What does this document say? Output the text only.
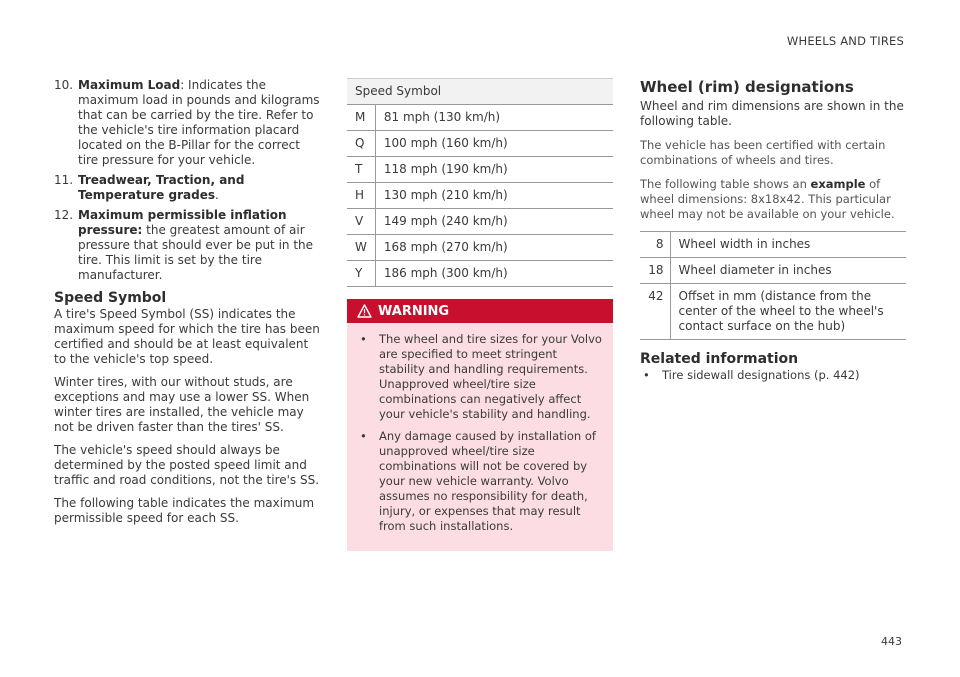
WHEELS AND TIRES
10. Maximum Load: Indicates the maximum load in pounds and kilograms that can be carried by the tire. Refer to the vehicle's tire information placard located on the B-Pillar for the correct tire pressure for your vehicle.
11. Treadwear, Traction, and Temperature grades.
12. Maximum permissible inflation pressure: the greatest amount of air pressure that should ever be put in the tire. This limit is set by the tire manufacturer.
Speed Symbol

A tire's Speed Symbol (SS) indicates the maximum speed for which the tire has been certified and should be at least equivalent to the vehicle's top speed.

Winter tires, with our without studs, are exceptions and may use a lower SS. When winter tires are installed, the vehicle may not be driven faster than the tires' SS.

The vehicle's speed should always be determined by the posted speed limit and traffic and road conditions, not the tire's SS.

The following table indicates the maximum permissible speed for each SS.

Speed Symbol	
M	81 mph (130 km/h)
Q	100 mph (160 km/h)
T	118 mph (190 km/h)
H	130 mph (210 km/h)
V	149 mph (240 km/h)
W	168 mph (270 km/h)
Y	186 mph (300 km/h)
WARNING
• The wheel and tire sizes for your Volvo are specified to meet stringent stability and handling requirements. Unapproved wheel/tire size combinations can negatively affect your vehicle's stability and handling.
• Any damage caused by installation of unapproved wheel/tire size combinations will not be covered by your new vehicle warranty. Volvo assumes no responsibility for death, injury, or expenses that may result from such installations.
Wheel (rim) designations

Wheel and rim dimensions are shown in the following table.

The vehicle has been certified with certain combinations of wheels and tires.

The following table shows an example of wheel dimensions: 8x18x42. This particular wheel may not be available on your vehicle.

8	Wheel width in inches
18	Wheel diameter in inches
42	Offset in mm (distance from the center of the wheel to the wheel's contact surface on the hub)
Related information
• Tire sidewall designations (p. 442)
443
